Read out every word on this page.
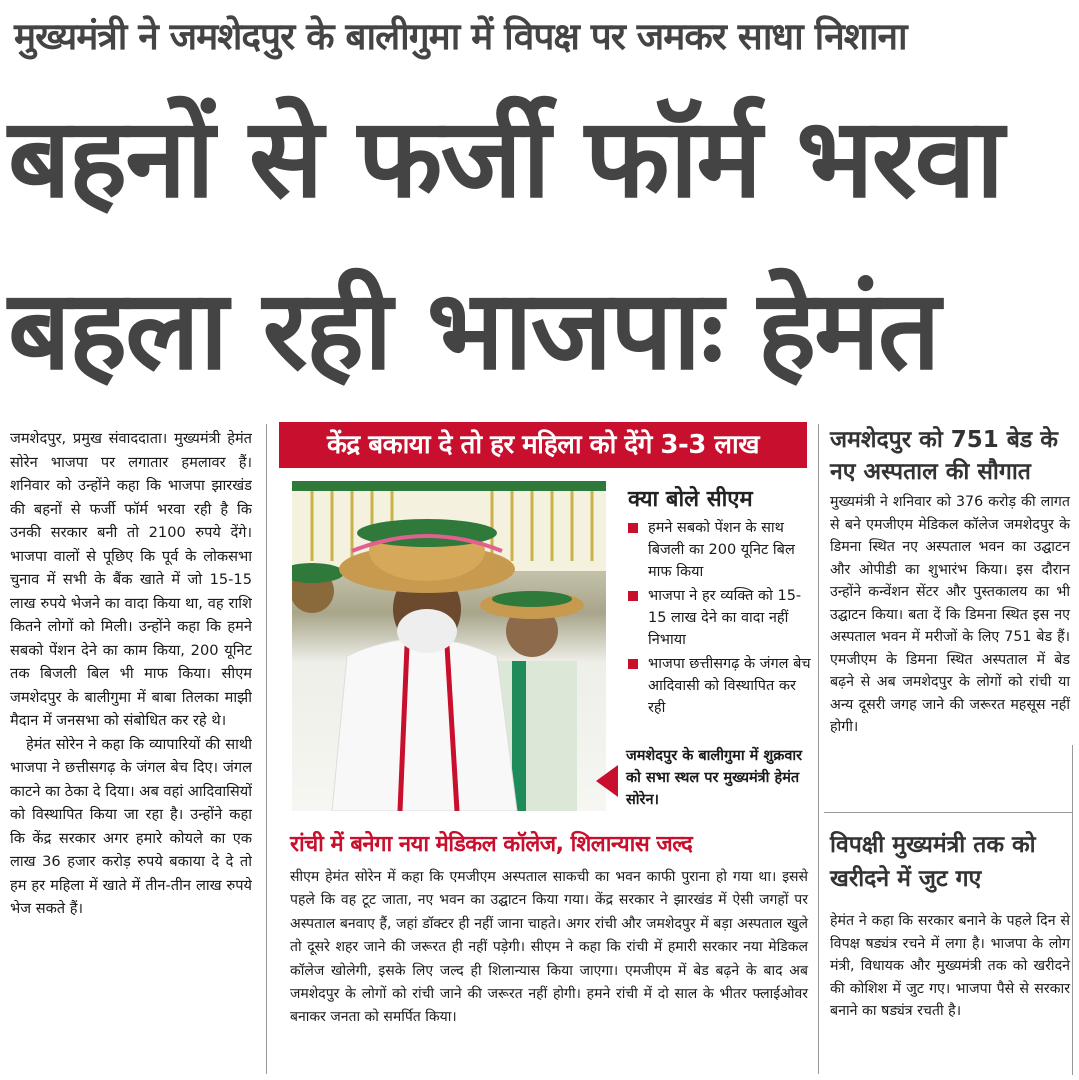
मुख्यमंत्री ने जमशेदपुर के बालीगुमा में विपक्ष पर जमकर साधा निशाना
बहनों से फर्जी फॉर्म भरवा
बहला रही भाजपाः हेमंत

जमशेदपुर, प्रमुख संवाददाता। मुख्यमंत्री हेमंत सोरेन भाजपा पर लगातार हमलावर हैं। शनिवार को उन्होंने कहा कि भाजपा झारखंड की बहनों से फर्जी फॉर्म भरवा रही है कि उनकी सरकार बनी तो 2100 रुपये देंगे। भाजपा वालों से पूछिए कि पूर्व के लोकसभा चुनाव में सभी के बैंक खाते में जो 15-15 लाख रुपये भेजने का वादा किया था, वह राशि कितने लोगों को मिली। उन्होंने कहा कि हमने सबको पेंशन देने का काम किया, 200 यूनिट तक बिजली बिल भी माफ किया। सीएम जमशेदपुर के बालीगुमा में बाबा तिलका माझी मैदान में जनसभा को संबोधित कर रहे थे।

हेमंत सोरेन ने कहा कि व्यापारियों की साथी भाजपा ने छत्तीसगढ़ के जंगल बेच दिए। जंगल काटने का ठेका दे दिया। अब वहां आदिवासियों को विस्थापित किया जा रहा है। उन्होंने कहा कि केंद्र सरकार अगर हमारे कोयले का एक लाख 36 हजार करोड़ रुपये बकाया दे दे तो हम हर महिला में खाते में तीन-तीन लाख रुपये भेज सकते हैं।

केंद्र बकाया दे तो हर महिला को देंगे 3-3 लाख
क्या बोले सीएम
हमने सबको पेंशन के साथ बिजली का 200 यूनिट बिल माफ किया
भाजपा ने हर व्यक्ति को 15-15 लाख देने का वादा नहीं निभाया
भाजपा छत्तीसगढ़ के जंगल बेच आदिवासी को विस्थापित कर रही
जमशेदपुर के बालीगुमा में शुक्रवार को सभा स्थल पर मुख्यमंत्री हेमंत सोरेन।
रांची में बनेगा नया मेडिकल कॉलेज, शिलान्यास जल्द
सीएम हेमंत सोरेन में कहा कि एमजीएम अस्पताल साकची का भवन काफी पुराना हो गया था। इससे पहले कि वह टूट जाता, नए भवन का उद्घाटन किया गया। केंद्र सरकार ने झारखंड में ऐसी जगहों पर अस्पताल बनवाए हैं, जहां डॉक्टर ही नहीं जाना चाहते। अगर रांची और जमशेदपुर में बड़ा अस्पताल खुले तो दूसरे शहर जाने की जरूरत ही नहीं पड़ेगी। सीएम ने कहा कि रांची में हमारी सरकार नया मेडिकल कॉलेज खोलेगी, इसके लिए जल्द ही शिलान्यास किया जाएगा। एमजीएम में बेड बढ़ने के बाद अब जमशेदपुर के लोगों को रांची जाने की जरूरत नहीं होगी। हमने रांची में दो साल के भीतर फ्लाईओवर बनाकर जनता को समर्पित किया।
जमशेदपुर को 751 बेड के नए अस्पताल की सौगात
मुख्यमंत्री ने शनिवार को 376 करोड़ की लागत से बने एमजीएम मेडिकल कॉलेज जमशेदपुर के डिमना स्थित नए अस्पताल भवन का उद्घाटन और ओपीडी का शुभारंभ किया। इस दौरान उन्होंने कन्वेंशन सेंटर और पुस्तकालय का भी उद्घाटन किया। बता दें कि डिमना स्थित इस नए अस्पताल भवन में मरीजों के लिए 751 बेड हैं। एमजीएम के डिमना स्थित अस्पताल में बेड बढ़ने से अब जमशेदपुर के लोगों को रांची या अन्य दूसरी जगह जाने की जरूरत महसूस नहीं होगी।
विपक्षी मुख्यमंत्री तक को खरीदने में जुट गए
हेमंत ने कहा कि सरकार बनाने के पहले दिन से विपक्ष षड्यंत्र रचने में लगा है। भाजपा के लोग मंत्री, विधायक और मुख्यमंत्री तक को खरीदने की कोशिश में जुट गए। भाजपा पैसे से सरकार बनाने का षड्यंत्र रचती है।
